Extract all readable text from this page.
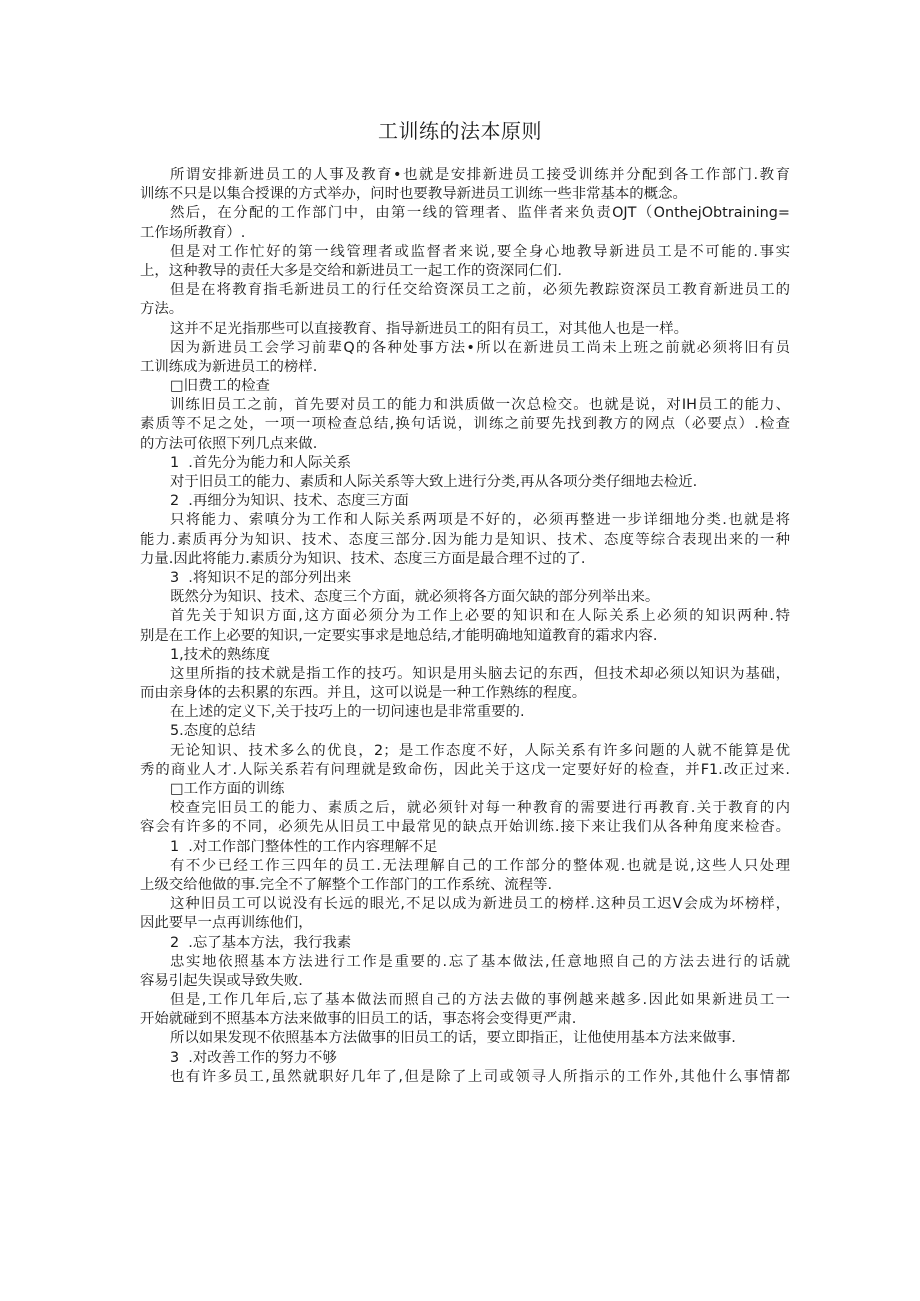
工训练的法本原则
所谓安排新进员工的人事及教育•也就是安排新进员工接受训练并分配到各工作部门.教育
训练不只是以集合授课的方式举办，问时也要教导新进员工训练一些非常基本的概念。
然后，在分配的工作部门中，由第一线的管理者、监伴者来负责OJT（OnthejObtraining=
工作场所教育）.
但是对工作忙好的第一线管理者或监督者来说,要全身心地教导新进员工是不可能的.事实
上，这种教导的责任大多是交给和新进员工一起工作的资深同仁们.
但是在将教育指毛新进员工的行任交给资深员工之前，必须先教踪资深员工教育新进员工的
方法。
这并不足光指那些可以直接教育、指导新进员工的阳有员工，对其他人也是一样。
因为新进员工会学习前辈Q的各种处事方法•所以在新进员工尚未上班之前就必须将旧有员
工训练成为新进员工的榜样.
□旧费工的检查
训练旧员工之前，首先要对员工的能力和洪质做一次总检交。也就是说，对IH员工的能力、
素质等不足之处，一项一项检查总结,换句话说，训练之前要先找到教方的网点（必要点）.检查
的方法可依照下列几点来做.
1  .首先分为能力和人际关系
对于旧员工的能力、素质和人际关系等大致上进行分类,再从各项分类仔细地去检近.
2  .再细分为知识、技术、态度三方面
只将能力、索嗔分为工作和人际关系两项是不好的，必须再整进一步详细地分类.也就是将
能力.素质再分为知识、技术、态度三部分.因为能力是知识、技术、态度等综合表现出来的一种
力量.因此将能力.素质分为知识、技术、态度三方面是最合理不过的了.
3  .将知识不足的部分列出来
既然分为知识、技术、态度三个方面，就必须将各方面欠缺的部分列举出来。
首先关于知识方面,这方面必须分为工作上必要的知识和在人际关系上必须的知识两种.特
别是在工作上必要的知识,一定要实事求是地总结,才能明确地知道教育的霜求内容.
1,技术的熟练度
这里所指的技术就是指工作的技巧。知识是用头脑去记的东西，但技术却必须以知识为基础，
而由亲身体的去积累的东西。并且，这可以说是一种工作熟练的程度。
在上述的定义下,关于技巧上的一切问速也是非常重要的.
5.态度的总结
无论知识、技术多么的优良，2；是工作态度不好，人际关系有许多问题的人就不能算是优
秀的商业人才.人际关系若有问理就是致命伤，因此关于这戊一定要好好的检查，并F1.改正过来.
□工作方面的训练
校查完旧员工的能力、素质之后，就必须针对每一种教育的需要进行再教育.关于教育的内
容会有许多的不同，必须先从旧员工中最常见的缺点开始训练.接下来让我们从各种角度来检杳。
1  .对工作部门整体性的工作内容理解不足
有不少已经工作三四年的员工.无法理解自己的工作部分的整体观.也就是说,这些人只处理
上级交给他做的事.完全不了解整个工作部门的工作系统、流程等.
这种旧员工可以说没有长远的眼光,不足以成为新进员工的榜样.这种员工迟V会成为坏榜样，
因此要早一点再训练他们，
2  .忘了基本方法，我行我素
忠实地依照基本方法进行工作是重要的.忘了基本做法,任意地照自己的方法去进行的话就
容易引起失误或导致失败.
但是,工作几年后,忘了基本做法而照自己的方法去做的事例越来越多.因此如果新进员工一
开始就碰到不照基本方法来做事的旧员工的话，事态将会变得更严肃.
所以如果发现不依照基本方法做事的旧员工的话，要立即指正，让他使用基本方法来做事.
3  .对改善工作的努力不够
也有许多员工,虽然就职好几年了,但是除了上司或领寻人所指示的工作外,其他什么事情都
